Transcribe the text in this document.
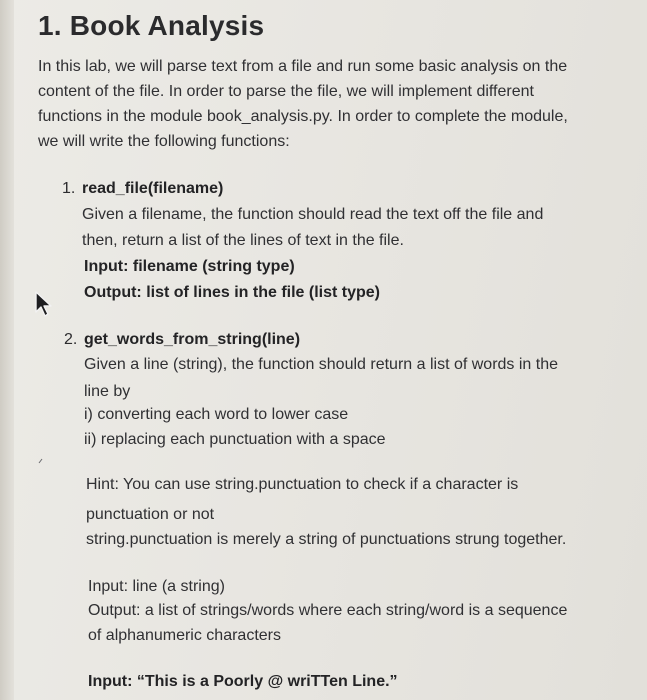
1. Book Analysis
In this lab, we will parse text from a file and run some basic analysis on the
content of the file. In order to parse the file, we will implement different
functions in the module book_analysis.py. In order to complete the module,
we will write the following functions:
1. read_file(filename)
Given a filename, the function should read the text off the file and
then, return a list of the lines of text in the file.
Input: filename (string type)
Output: list of lines in the file (list type)
2. get_words_from_string(line)
Given a line (string), the function should return a list of words in the
line by
i) converting each word to lower case
ii) replacing each punctuation with a space
Hint: You can use string.punctuation to check if a character is
punctuation or not
string.punctuation is merely a string of punctuations strung together.
Input: line (a string)
Output: a list of strings/words where each string/word is a sequence
of alphanumeric characters
Input: “This is a Poorly @ wriTTen Line.”
